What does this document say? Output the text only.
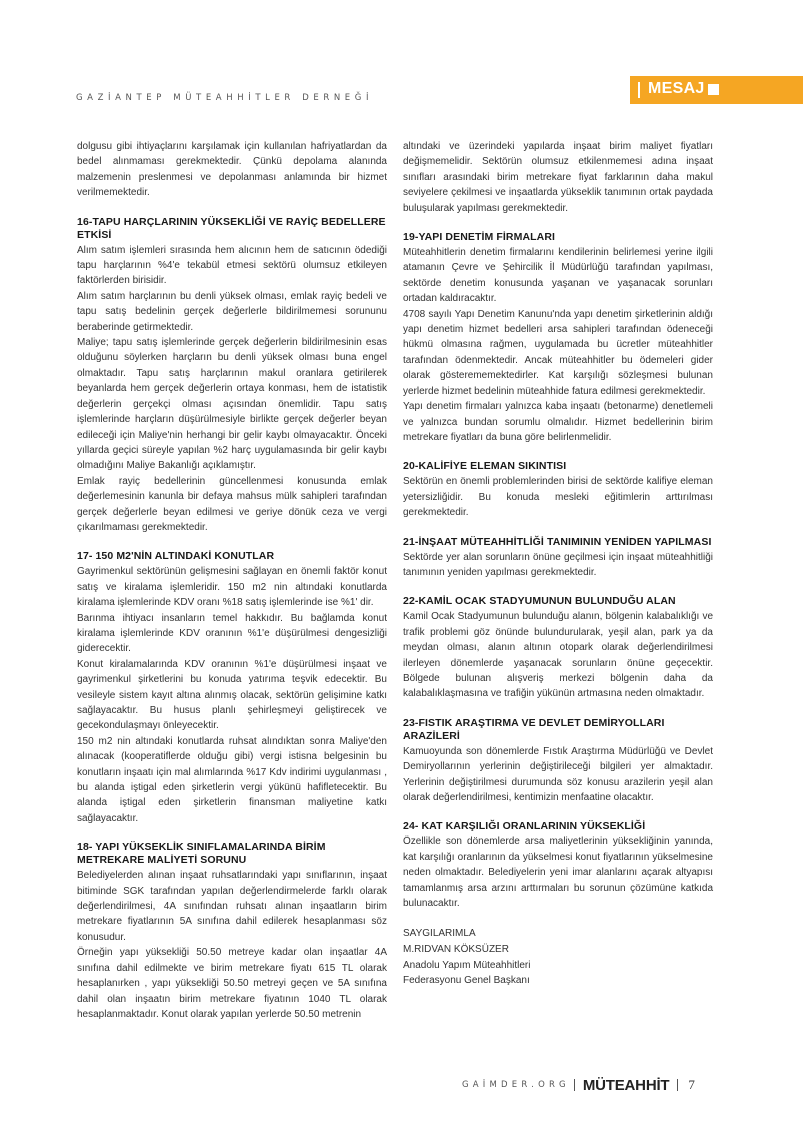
GAZİANTEP MÜTEAHHİTLER DERNEĞİ
MESAJ

dolgusu gibi ihtiyaçlarını karşılamak için kullanılan hafriyatlardan da bedel alınmaması gerekmektedir. Çünkü depolama alanında malzemenin preslenmesi ve depolanması anlamında bir hizmet verilmemektedir.

16-TAPU HARÇLARININ YÜKSEKLİĞİ VE RAYİÇ BEDELLERE ETKİSİ

Alım satım işlemleri sırasında hem alıcının hem de satıcının ödediği tapu harçlarının %4'e tekabül etmesi sektörü olumsuz etkileyen faktörlerden birisidir.

Alım satım harçlarının bu denli yüksek olması, emlak rayiç bedeli ve tapu satış bedelinin gerçek değerlerle bildirilmemesi sorununu beraberinde getirmektedir.

Maliye; tapu satış işlemlerinde gerçek değerlerin bildirilmesinin esas olduğunu söylerken harçların bu denli yüksek olması buna engel olmaktadır. Tapu satış harçlarının makul oranlara getirilerek beyanlarda hem gerçek değerlerin ortaya konması, hem de istatistik değerlerin gerçekçi olması açısından önemlidir. Tapu satış işlemlerinde harçların düşürülmesiyle birlikte gerçek değerler beyan edileceği için Maliye'nin herhangi bir gelir kaybı olmayacaktır. Önceki yıllarda geçici süreyle yapılan %2 harç uygulamasında bir gelir kaybı olmadığını Maliye Bakanlığı açıklamıştır.

Emlak rayiç bedellerinin güncellenmesi konusunda emlak değerlemesinin kanunla bir defaya mahsus mülk sahipleri tarafından gerçek değerlerle beyan edilmesi ve geriye dönük ceza ve vergi çıkarılmaması gerekmektedir.

17- 150 M2'NİN ALTINDAKİ KONUTLAR

Gayrimenkul sektörünün gelişmesini sağlayan en önemli faktör konut satış ve kiralama işlemleridir. 150 m2 nin altındaki konutlarda kiralama işlemlerinde KDV oranı %18 satış işlemlerinde ise %1' dir.

Barınma ihtiyacı insanların temel hakkıdır. Bu bağlamda konut kiralama işlemlerinde KDV oranının %1'e düşürülmesi dengesizliği giderecektir.

Konut kiralamalarında KDV oranının %1'e düşürülmesi inşaat ve gayrimenkul şirketlerini bu konuda yatırıma teşvik edecektir. Bu vesileyle sistem kayıt altına alınmış olacak, sektörün gelişimine katkı sağlayacaktır. Bu husus planlı şehirleşmeyi geliştirecek ve gecekondulaşmayı önleyecektir.

150 m2 nin altındaki konutlarda ruhsat alındıktan sonra Maliye'den alınacak (kooperatiflerde olduğu gibi) vergi istisna belgesinin bu konutların inşaatı için mal alımlarında %17 Kdv indirimi uygulanması , bu alanda iştigal eden şirketlerin vergi yükünü hafifletecektir. Bu alanda iştigal eden şirketlerin finansman maliyetine katkı sağlayacaktır.

18- YAPI YÜKSEKLİK SINIFLAMALARINDA BİRİM METREKARE MALİYETİ SORUNU

Belediyelerden alınan inşaat ruhsatlarındaki yapı sınıflarının, inşaat bitiminde SGK tarafından yapılan değerlendirmelerde farklı olarak değerlendirilmesi, 4A sınıfından ruhsatı alınan inşaatların birim metrekare fiyatlarının 5A sınıfına dahil edilerek hesaplanması söz konusudur.

Örneğin yapı yüksekliği 50.50 metreye kadar olan inşaatlar 4A sınıfına dahil edilmekte ve birim metrekare fiyatı 615 TL olarak hesaplanırken , yapı yüksekliği 50.50 metreyi geçen ve 5A sınıfına dahil olan inşaatın birim metrekare fiyatının 1040 TL olarak hesaplanmaktadır. Konut olarak yapılan yerlerde 50.50 metrenin

altındaki ve üzerindeki yapılarda inşaat birim maliyet fiyatları değişmemelidir. Sektörün olumsuz etkilenmemesi adına inşaat sınıfları arasındaki birim metrekare fiyat farklarının daha makul seviyelere çekilmesi ve inşaatlarda yükseklik tanımının ortak paydada buluşularak yapılması gerekmektedir.

19-YAPI DENETİM FİRMALARI

Müteahhitlerin denetim firmalarını kendilerinin belirlemesi yerine ilgili atamanın Çevre ve Şehircilik İl Müdürlüğü tarafından yapılması, sektörde denetim konusunda yaşanan ve yaşanacak sorunları ortadan kaldıracaktır.

4708 sayılı Yapı Denetim Kanunu'nda yapı denetim şirketlerinin aldığı yapı denetim hizmet bedelleri arsa sahipleri tarafından ödeneceği hükmü olmasına rağmen, uygulamada bu ücretler müteahhitler tarafından ödenmektedir. Ancak müteahhitler bu ödemeleri gider olarak gösterememektedirler. Kat karşılığı sözleşmesi bulunan yerlerde hizmet bedelinin müteahhide fatura edilmesi gerekmektedir.

Yapı denetim firmaları yalnızca kaba inşaatı (betonarme) denetlemeli ve yalnızca bundan sorumlu olmalıdır. Hizmet bedellerinin birim metrekare fiyatları da buna göre belirlenmelidir.

20-KALİFİYE ELEMAN SIKINTISI

Sektörün en önemli problemlerinden birisi de sektörde kalifiye eleman yetersizliğidir. Bu konuda mesleki eğitimlerin arttırılması gerekmektedir.

21-İNŞAAT MÜTEAHHİTLİĞİ TANIMININ YENİDEN YAPILMASI

Sektörde yer alan sorunların önüne geçilmesi için inşaat müteahhitliği tanımının yeniden yapılması gerekmektedir.

22-KAMİL OCAK STADYUMUNUN BULUNDUĞU ALAN

Kamil Ocak Stadyumunun bulunduğu alanın, bölgenin kalabalıklığı ve trafik problemi göz önünde bulundurularak, yeşil alan, park ya da meydan olması, alanın altının otopark olarak değerlendirilmesi ilerleyen dönemlerde yaşanacak sorunların önüne geçecektir. Bölgede bulunan alışveriş merkezi bölgenin daha da kalabalıklaşmasına ve trafiğin yükünün artmasına neden olmaktadır.

23-FISTIK ARAŞTIRMA VE DEVLET DEMİRYOLLARI ARAZİLERİ

Kamuoyunda son dönemlerde Fıstık Araştırma Müdürlüğü ve Devlet Demiryollarının yerlerinin değiştirileceği bilgileri yer almaktadır. Yerlerinin değiştirilmesi durumunda söz konusu arazilerin yeşil alan olarak değerlendirilmesi, kentimizin menfaatine olacaktır.

24- KAT KARŞILIĞI ORANLARININ YÜKSEKLİĞİ

Özellikle son dönemlerde arsa maliyetlerinin yüksekliğinin yanında, kat karşılığı oranlarının da yükselmesi konut fiyatlarının yükselmesine neden olmaktadır. Belediyelerin yeni imar alanlarını açarak altyapısı tamamlanmış arsa arzını arttırmaları bu sorunun çözümüne katkıda bulunacaktır.

SAYGILARIMLA
M.RIDVAN KÖKSÜZER
Anadolu Yapım Müteahhitleri
Federasyonu Genel Başkanı
GAİMDER.ORG MÜTEAHHİT 7
